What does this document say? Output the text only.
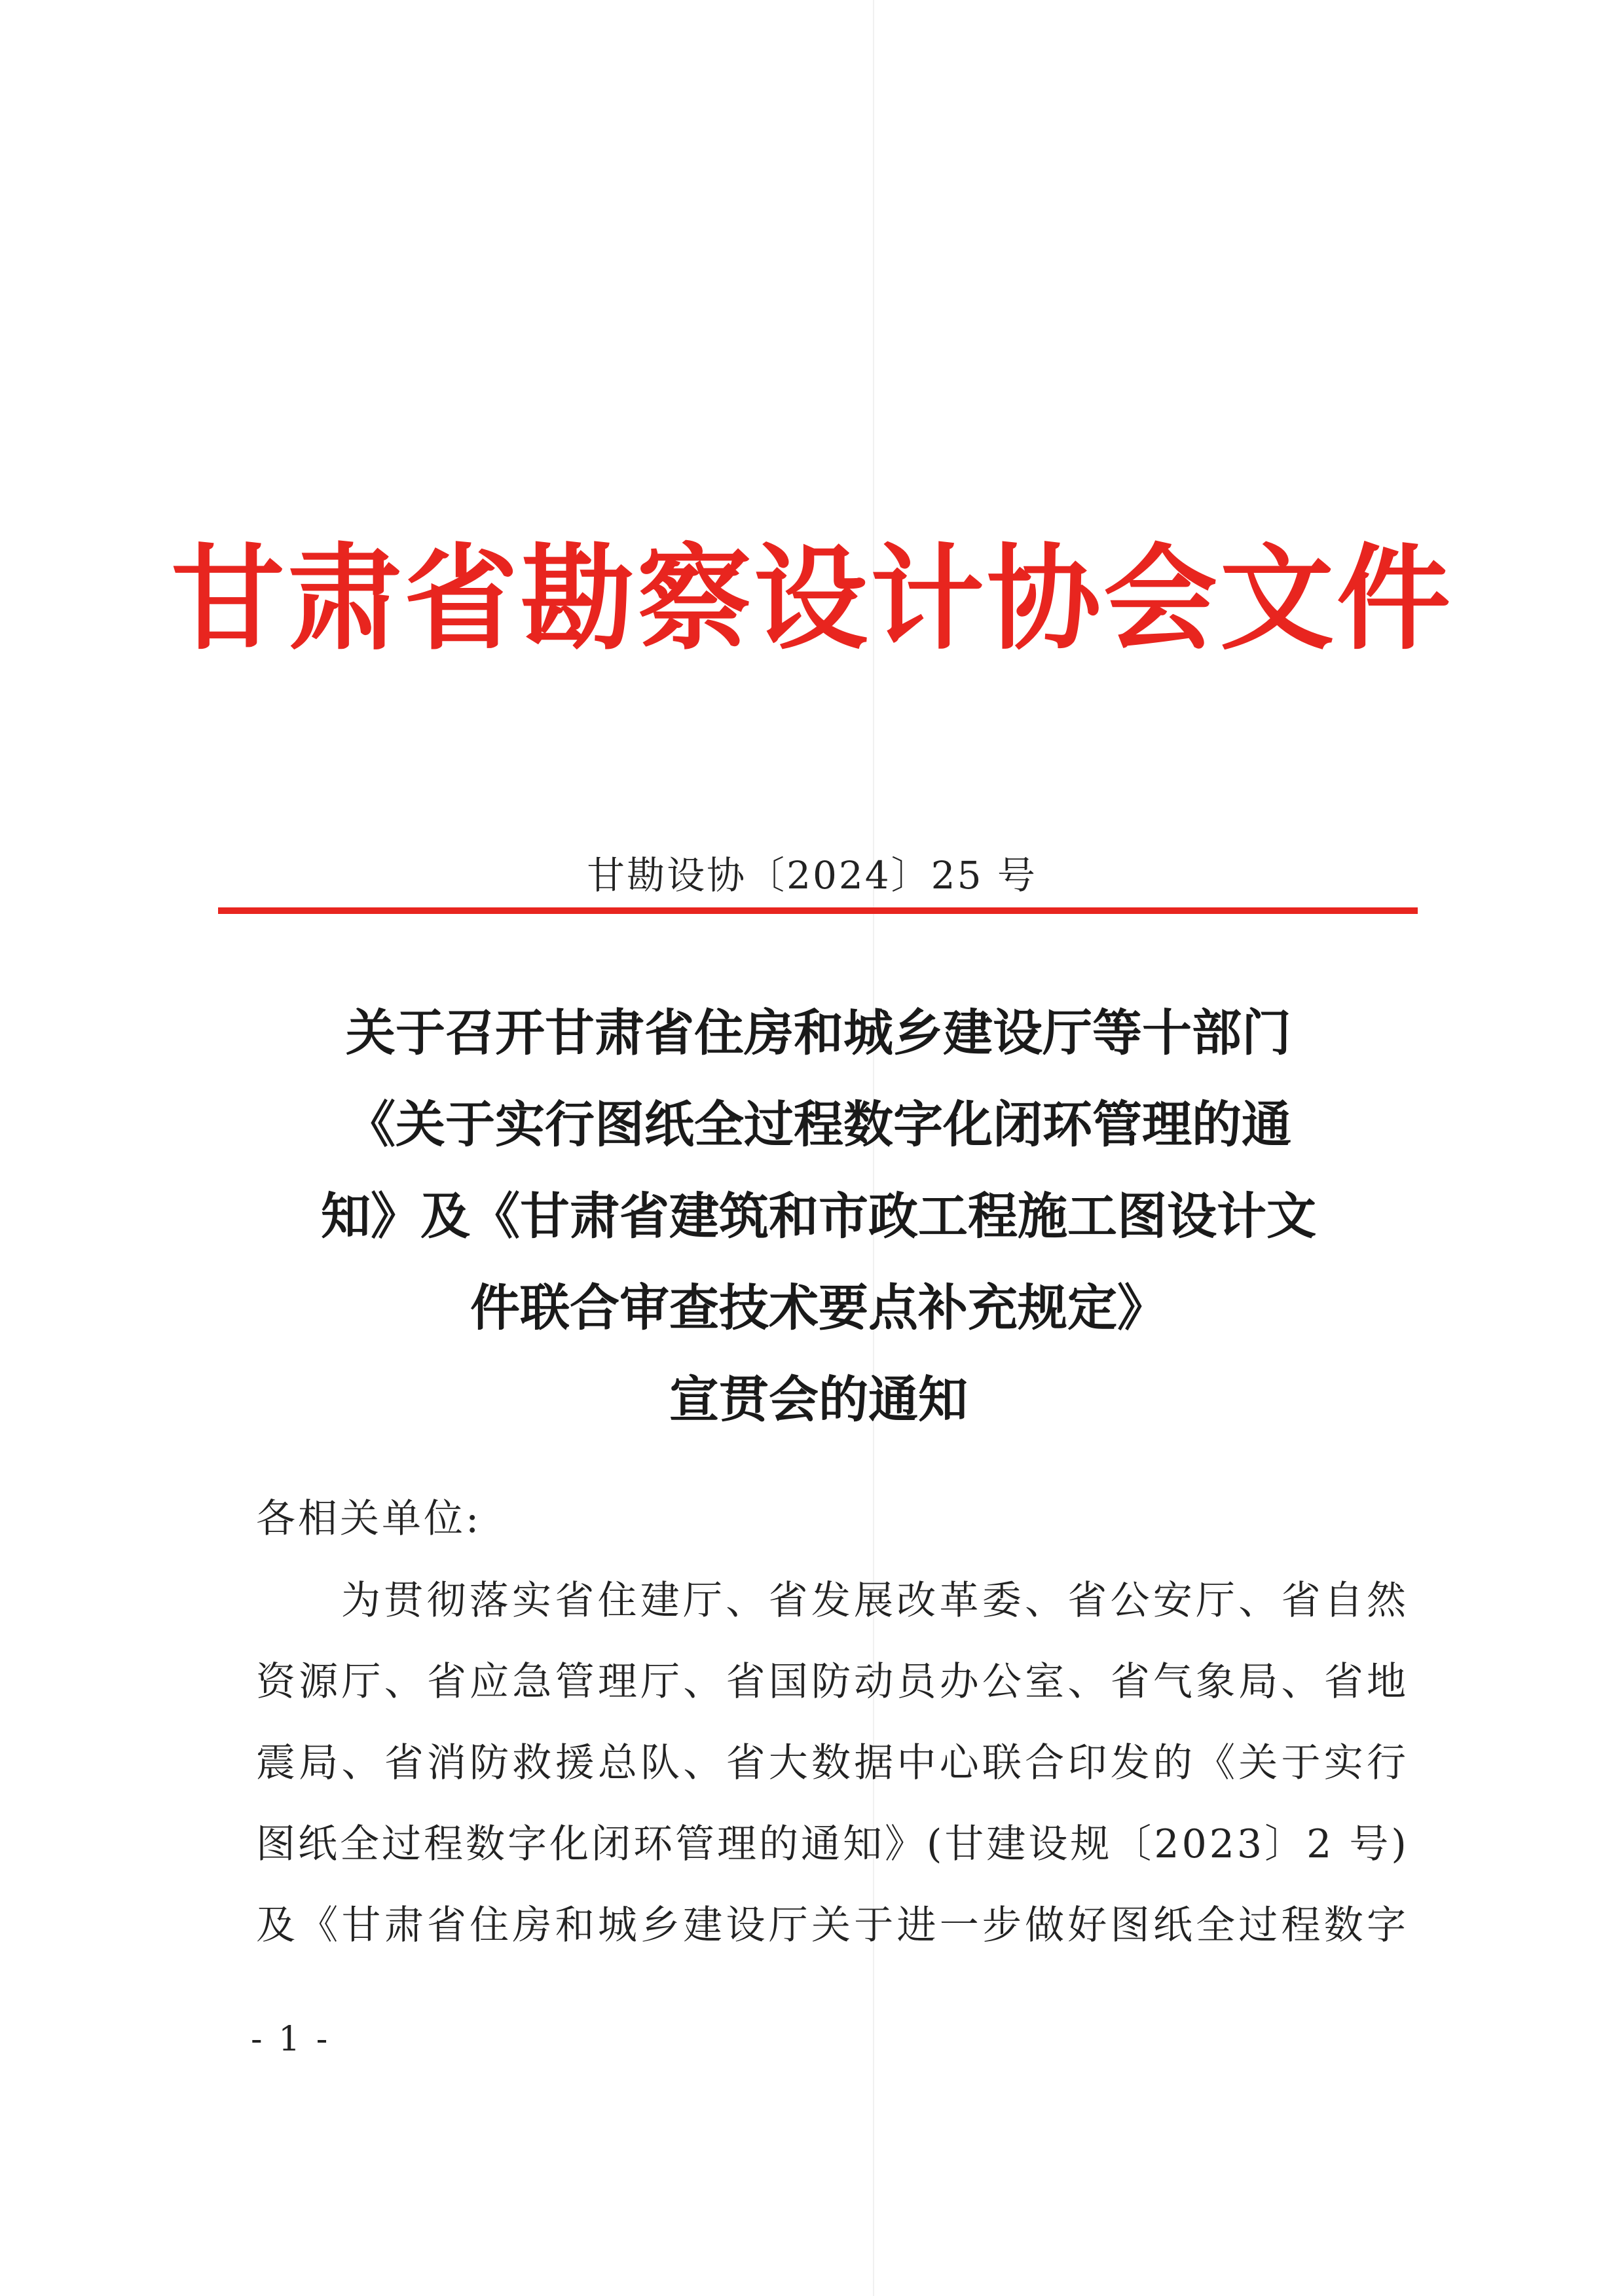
甘肃省勘察设计协会文件
甘勘设协〔2024〕25 号
关于召开甘肃省住房和城乡建设厅等十部门
《关于实行图纸全过程数字化闭环管理的通
知》及《甘肃省建筑和市政工程施工图设计文
件联合审查技术要点补充规定》
宣贯会的通知
各相关单位:
为贯彻落实省住建厅、省发展改革委、省公安厅、省自然
资源厅、省应急管理厅、省国防动员办公室、省气象局、省地
震局、省消防救援总队、省大数据中心联合印发的《关于实行
图纸全过程数字化闭环管理的通知》(甘建设规〔2023〕2 号)
及《甘肃省住房和城乡建设厅关于进一步做好图纸全过程数字
- 1 -
